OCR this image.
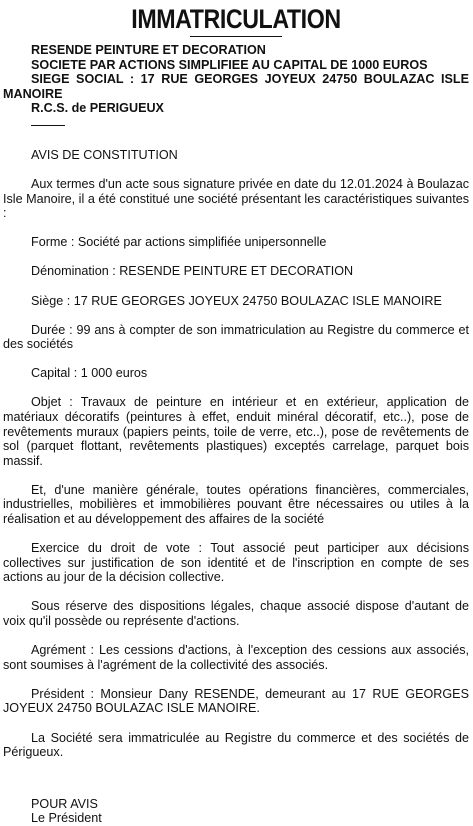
IMMATRICULATION
RESENDE PEINTURE ET DECORATION
SOCIETE PAR ACTIONS SIMPLIFIEE AU CAPITAL DE 1000 EUROS
SIEGE SOCIAL : 17 RUE GEORGES JOYEUX 24750 BOULAZAC ISLE MANOIRE
R.C.S. de PERIGUEUX

AVIS DE CONSTITUTION

Aux termes d'un acte sous signature privée en date du 12.01.2024 à Boulazac Isle Manoire, il a été constitué une société présentant les caractéristiques suivantes :

Forme : Société par actions simplifiée unipersonnelle

Dénomination : RESENDE PEINTURE ET DECORATION

Siège : 17 RUE GEORGES JOYEUX 24750 BOULAZAC ISLE MANOIRE

Durée : 99 ans à compter de son immatriculation au Registre du commerce et des sociétés

Capital : 1 000 euros

Objet : Travaux de peinture en intérieur et en extérieur, application de matériaux décoratifs (peintures à effet, enduit minéral décoratif, etc..), pose de revêtements muraux (papiers peints, toile de verre, etc..), pose de revêtements de sol (parquet flottant, revêtements plastiques) exceptés carrelage, parquet bois massif.

Et, d'une manière générale, toutes opérations financières, commerciales, industrielles, mobilières et immobilières pouvant être nécessaires ou utiles à la réalisation et au développement des affaires de la société

Exercice du droit de vote : Tout associé peut participer aux décisions collectives sur justification de son identité et de l'inscription en compte de ses actions au jour de la décision collective.

Sous réserve des dispositions légales, chaque associé dispose d'autant de voix qu'il possède ou représente d'actions.

Agrément : Les cessions d'actions, à l'exception des cessions aux associés, sont soumises à l'agrément de la collectivité des associés.

Président : Monsieur Dany RESENDE, demeurant au 17 RUE GEORGES JOYEUX 24750 BOULAZAC ISLE MANOIRE.

La Société sera immatriculée au Registre du commerce et des sociétés de Périgueux.

POUR AVIS
Le Président
